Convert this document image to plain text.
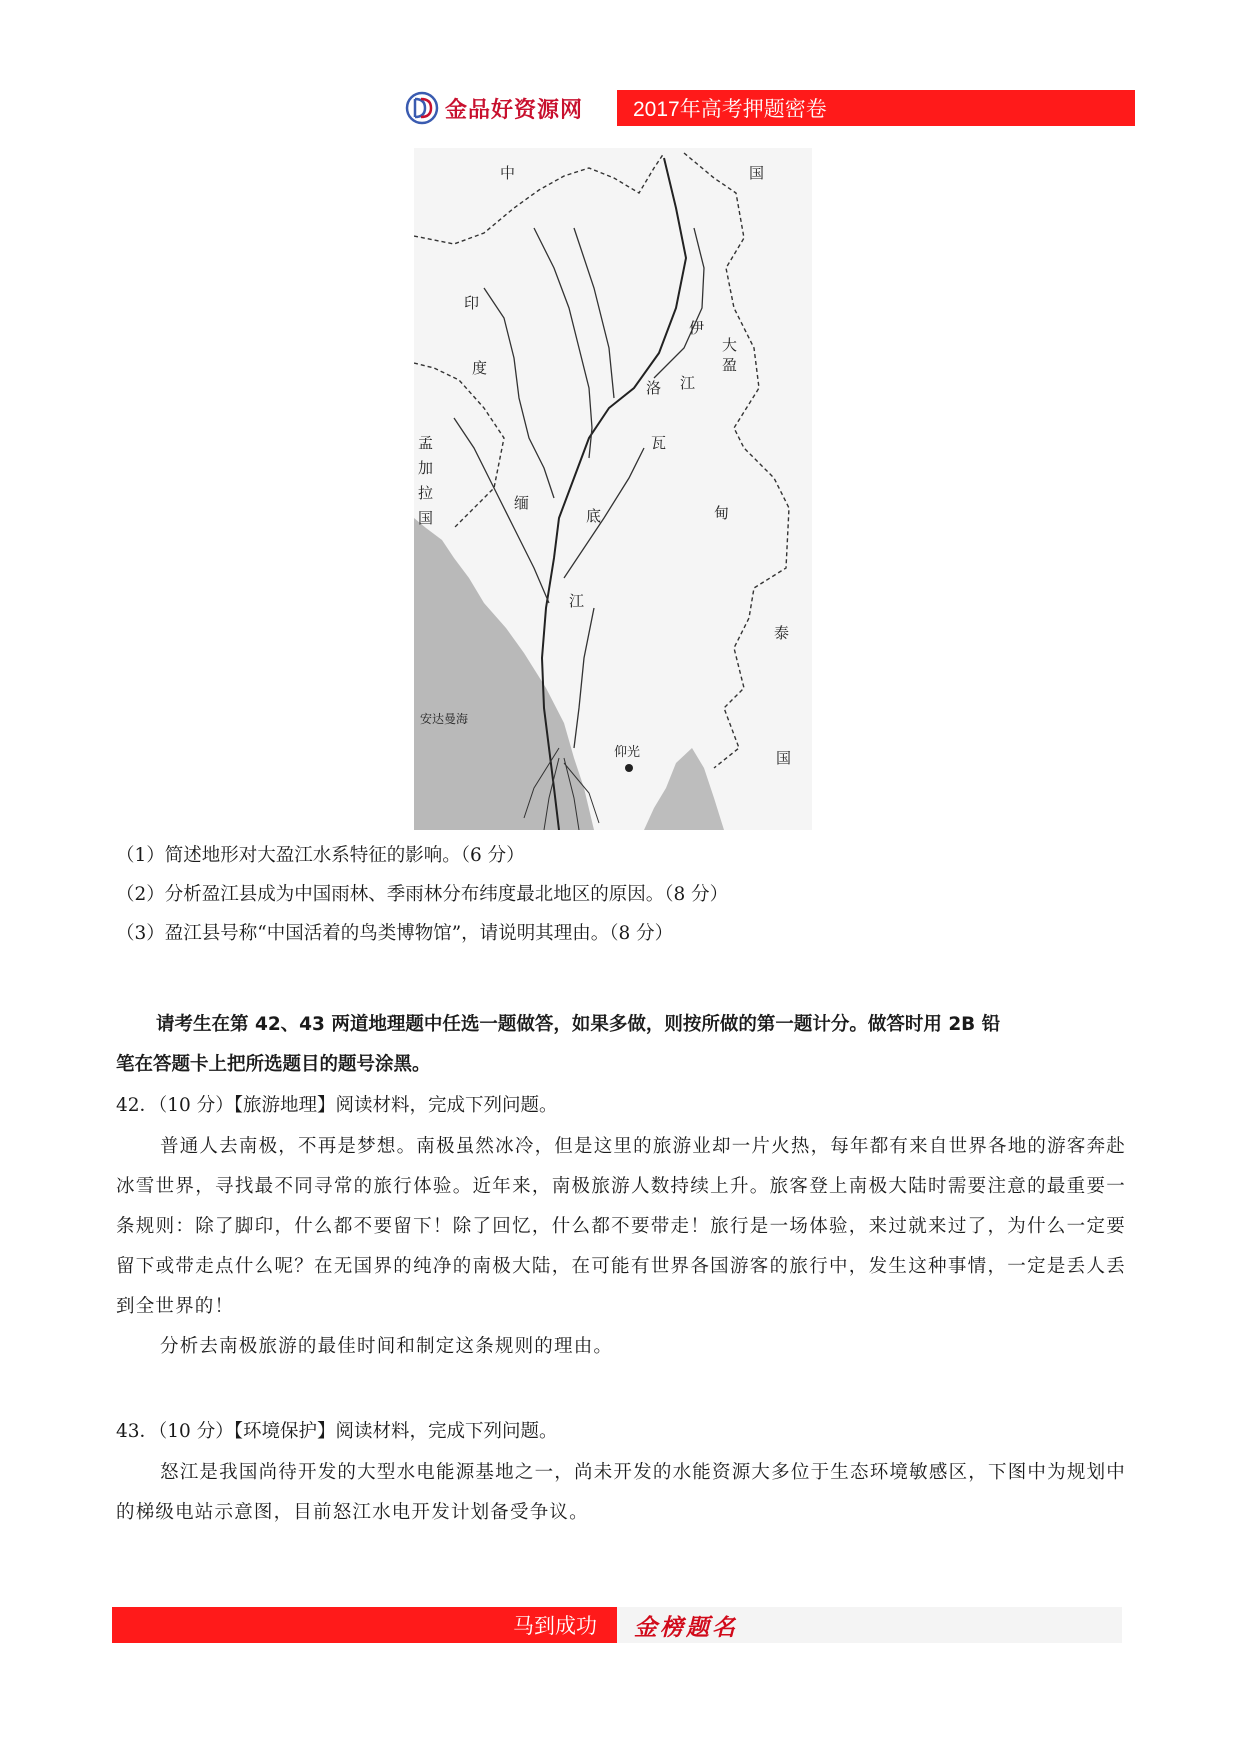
金品好资源网 2017年高考押题密卷
中	国
印
度
孟
加
拉
国
缅
底
江
瓦
伊
洛 江
大
盈
甸
泰
国
安达曼海
仰光
（1）简述地形对大盈江水系特征的影响。（6 分）
（2）分析盈江县成为中国雨林、季雨林分布纬度最北地区的原因。（8 分）
（3）盈江县号称“中国活着的鸟类博物馆”，请说明其理由。（8 分）
请考生在第 42、43 两道地理题中任选一题做答，如果多做，则按所做的第一题计分。做答时用 2B 铅
笔在答题卡上把所选题目的题号涂黑。
42．（10 分）【旅游地理】阅读材料，完成下列问题。
普通人去南极，不再是梦想。南极虽然冰冷，但是这里的旅游业却一片火热，每年都有来自世界各地的游客奔赴冰雪世界，寻找最不同寻常的旅行体验。近年来，南极旅游人数持续上升。旅客登上南极大陆时需要注意的最重要一条规则：除了脚印，什么都不要留下！除了回忆，什么都不要带走！旅行是一场体验，来过就来过了，为什么一定要留下或带走点什么呢？在无国界的纯净的南极大陆，在可能有世界各国游客的旅行中，发生这种事情，一定是丢人丢到全世界的！
分析去南极旅游的最佳时间和制定这条规则的理由。
43．（10 分）【环境保护】阅读材料，完成下列问题。
怒江是我国尚待开发的大型水电能源基地之一，尚未开发的水能资源大多位于生态环境敏感区，下图中为规划中的梯级电站示意图，目前怒江水电开发计划备受争议。
马到成功 金榜题名
